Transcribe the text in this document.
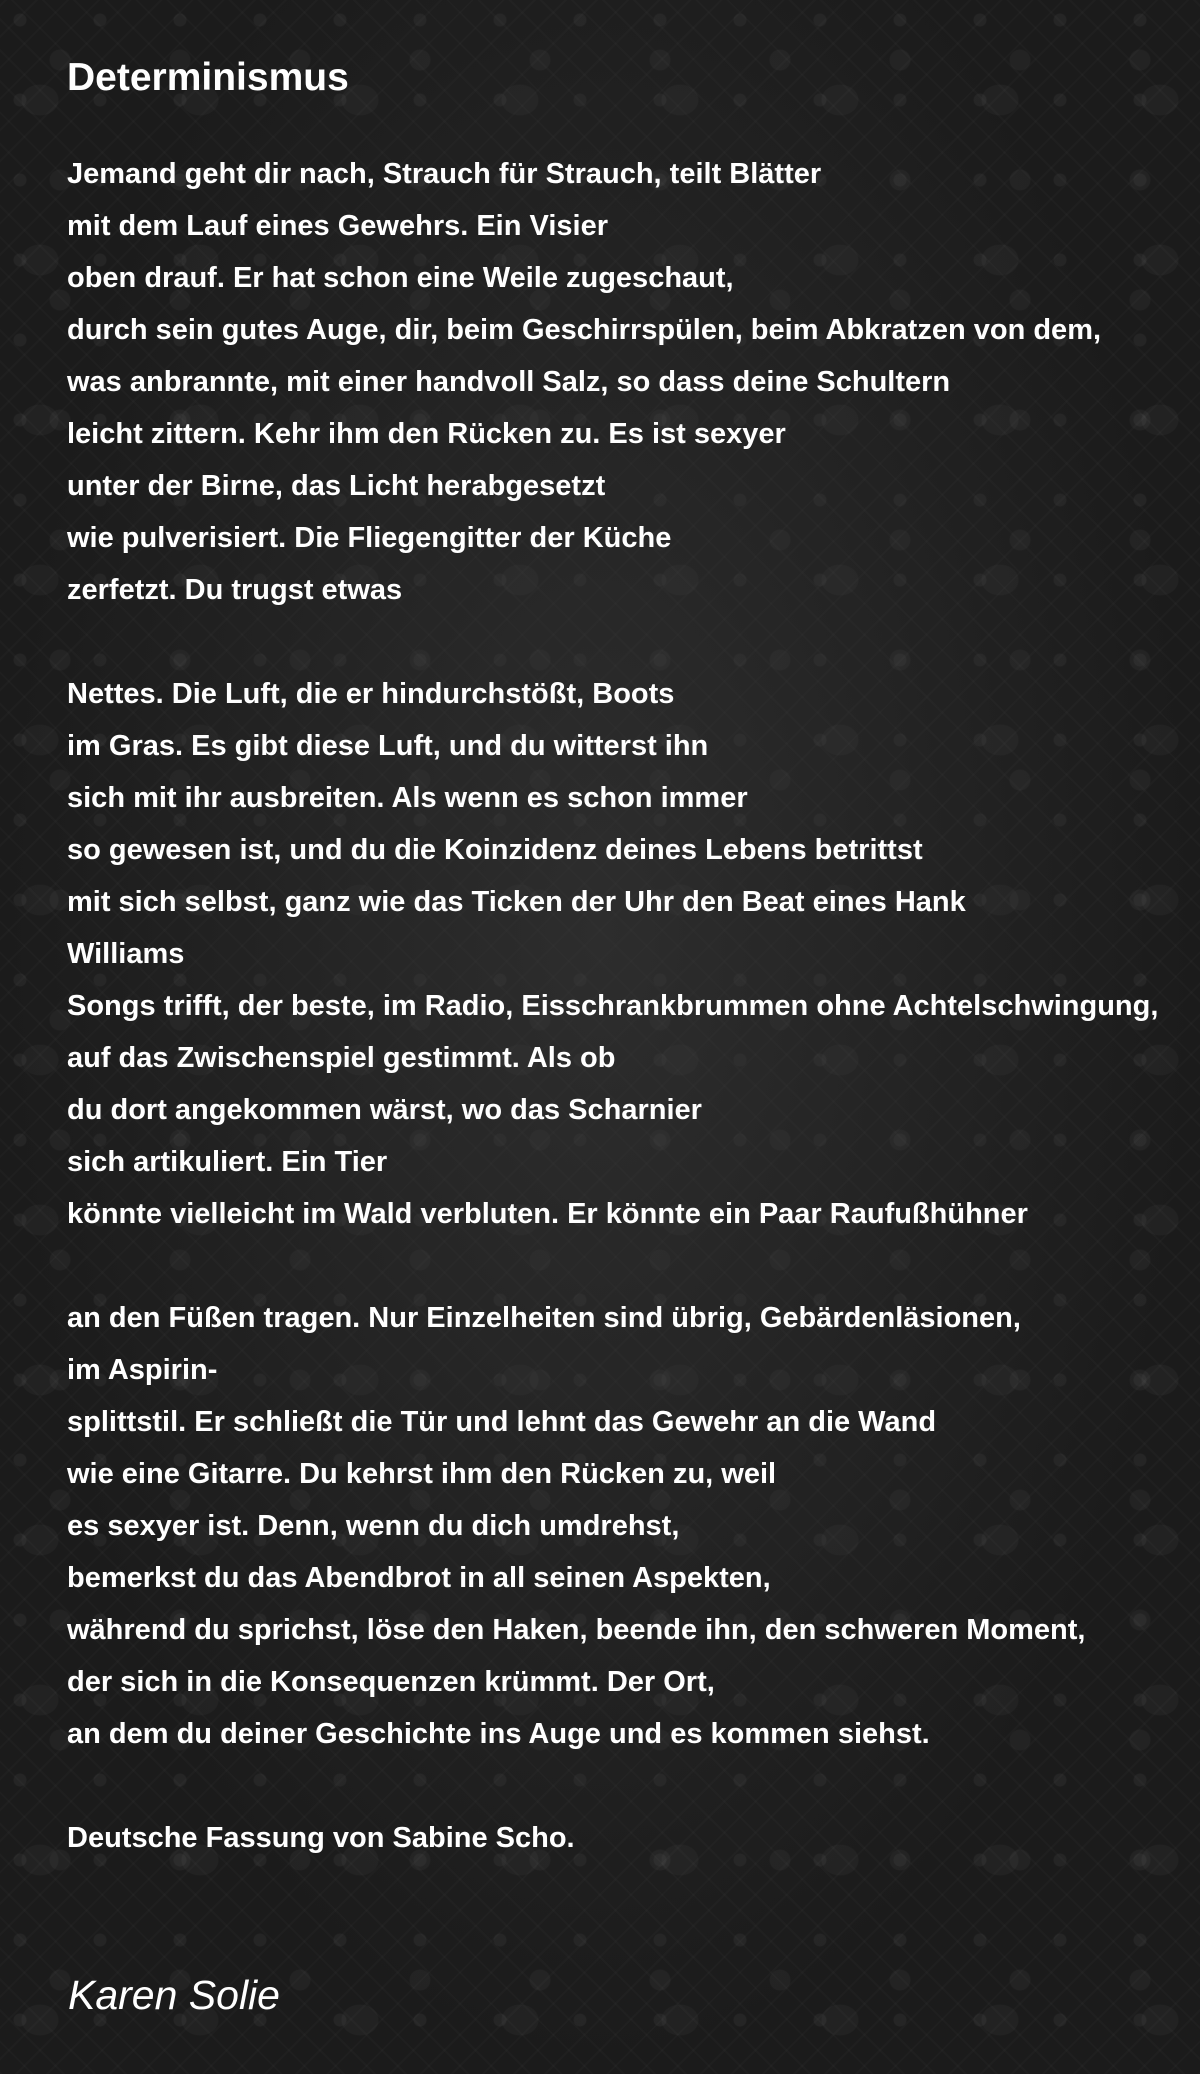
Determinismus
Jemand geht dir nach, Strauch für Strauch, teilt Blätter
mit dem Lauf eines Gewehrs. Ein Visier
oben drauf. Er hat schon eine Weile zugeschaut,
durch sein gutes Auge, dir, beim Geschirrspülen, beim Abkratzen von dem,
was anbrannte, mit einer handvoll Salz, so dass deine Schultern
leicht zittern. Kehr ihm den Rücken zu. Es ist sexyer
unter der Birne, das Licht herabgesetzt
wie pulverisiert. Die Fliegengitter der Küche
zerfetzt. Du trugst etwas
Nettes. Die Luft, die er hindurchstößt, Boots
im Gras. Es gibt diese Luft, und du witterst ihn
sich mit ihr ausbreiten. Als wenn es schon immer
so gewesen ist, und du die Koinzidenz deines Lebens betrittst
mit sich selbst, ganz wie das Ticken der Uhr den Beat eines Hank
Williams
Songs trifft, der beste, im Radio, Eisschrankbrummen ohne Achtelschwingung,
auf das Zwischenspiel gestimmt. Als ob
du dort angekommen wärst, wo das Scharnier
sich artikuliert. Ein Tier
könnte vielleicht im Wald verbluten. Er könnte ein Paar Raufußhühner
an den Füßen tragen. Nur Einzelheiten sind übrig, Gebärdenläsionen,
im Aspirin-
splittstil. Er schließt die Tür und lehnt das Gewehr an die Wand
wie eine Gitarre. Du kehrst ihm den Rücken zu, weil
es sexyer ist. Denn, wenn du dich umdrehst,
bemerkst du das Abendbrot in all seinen Aspekten,
während du sprichst, löse den Haken, beende ihn, den schweren Moment,
der sich in die Konsequenzen krümmt. Der Ort,
an dem du deiner Geschichte ins Auge und es kommen siehst.
Deutsche Fassung von Sabine Scho.
Karen Solie
